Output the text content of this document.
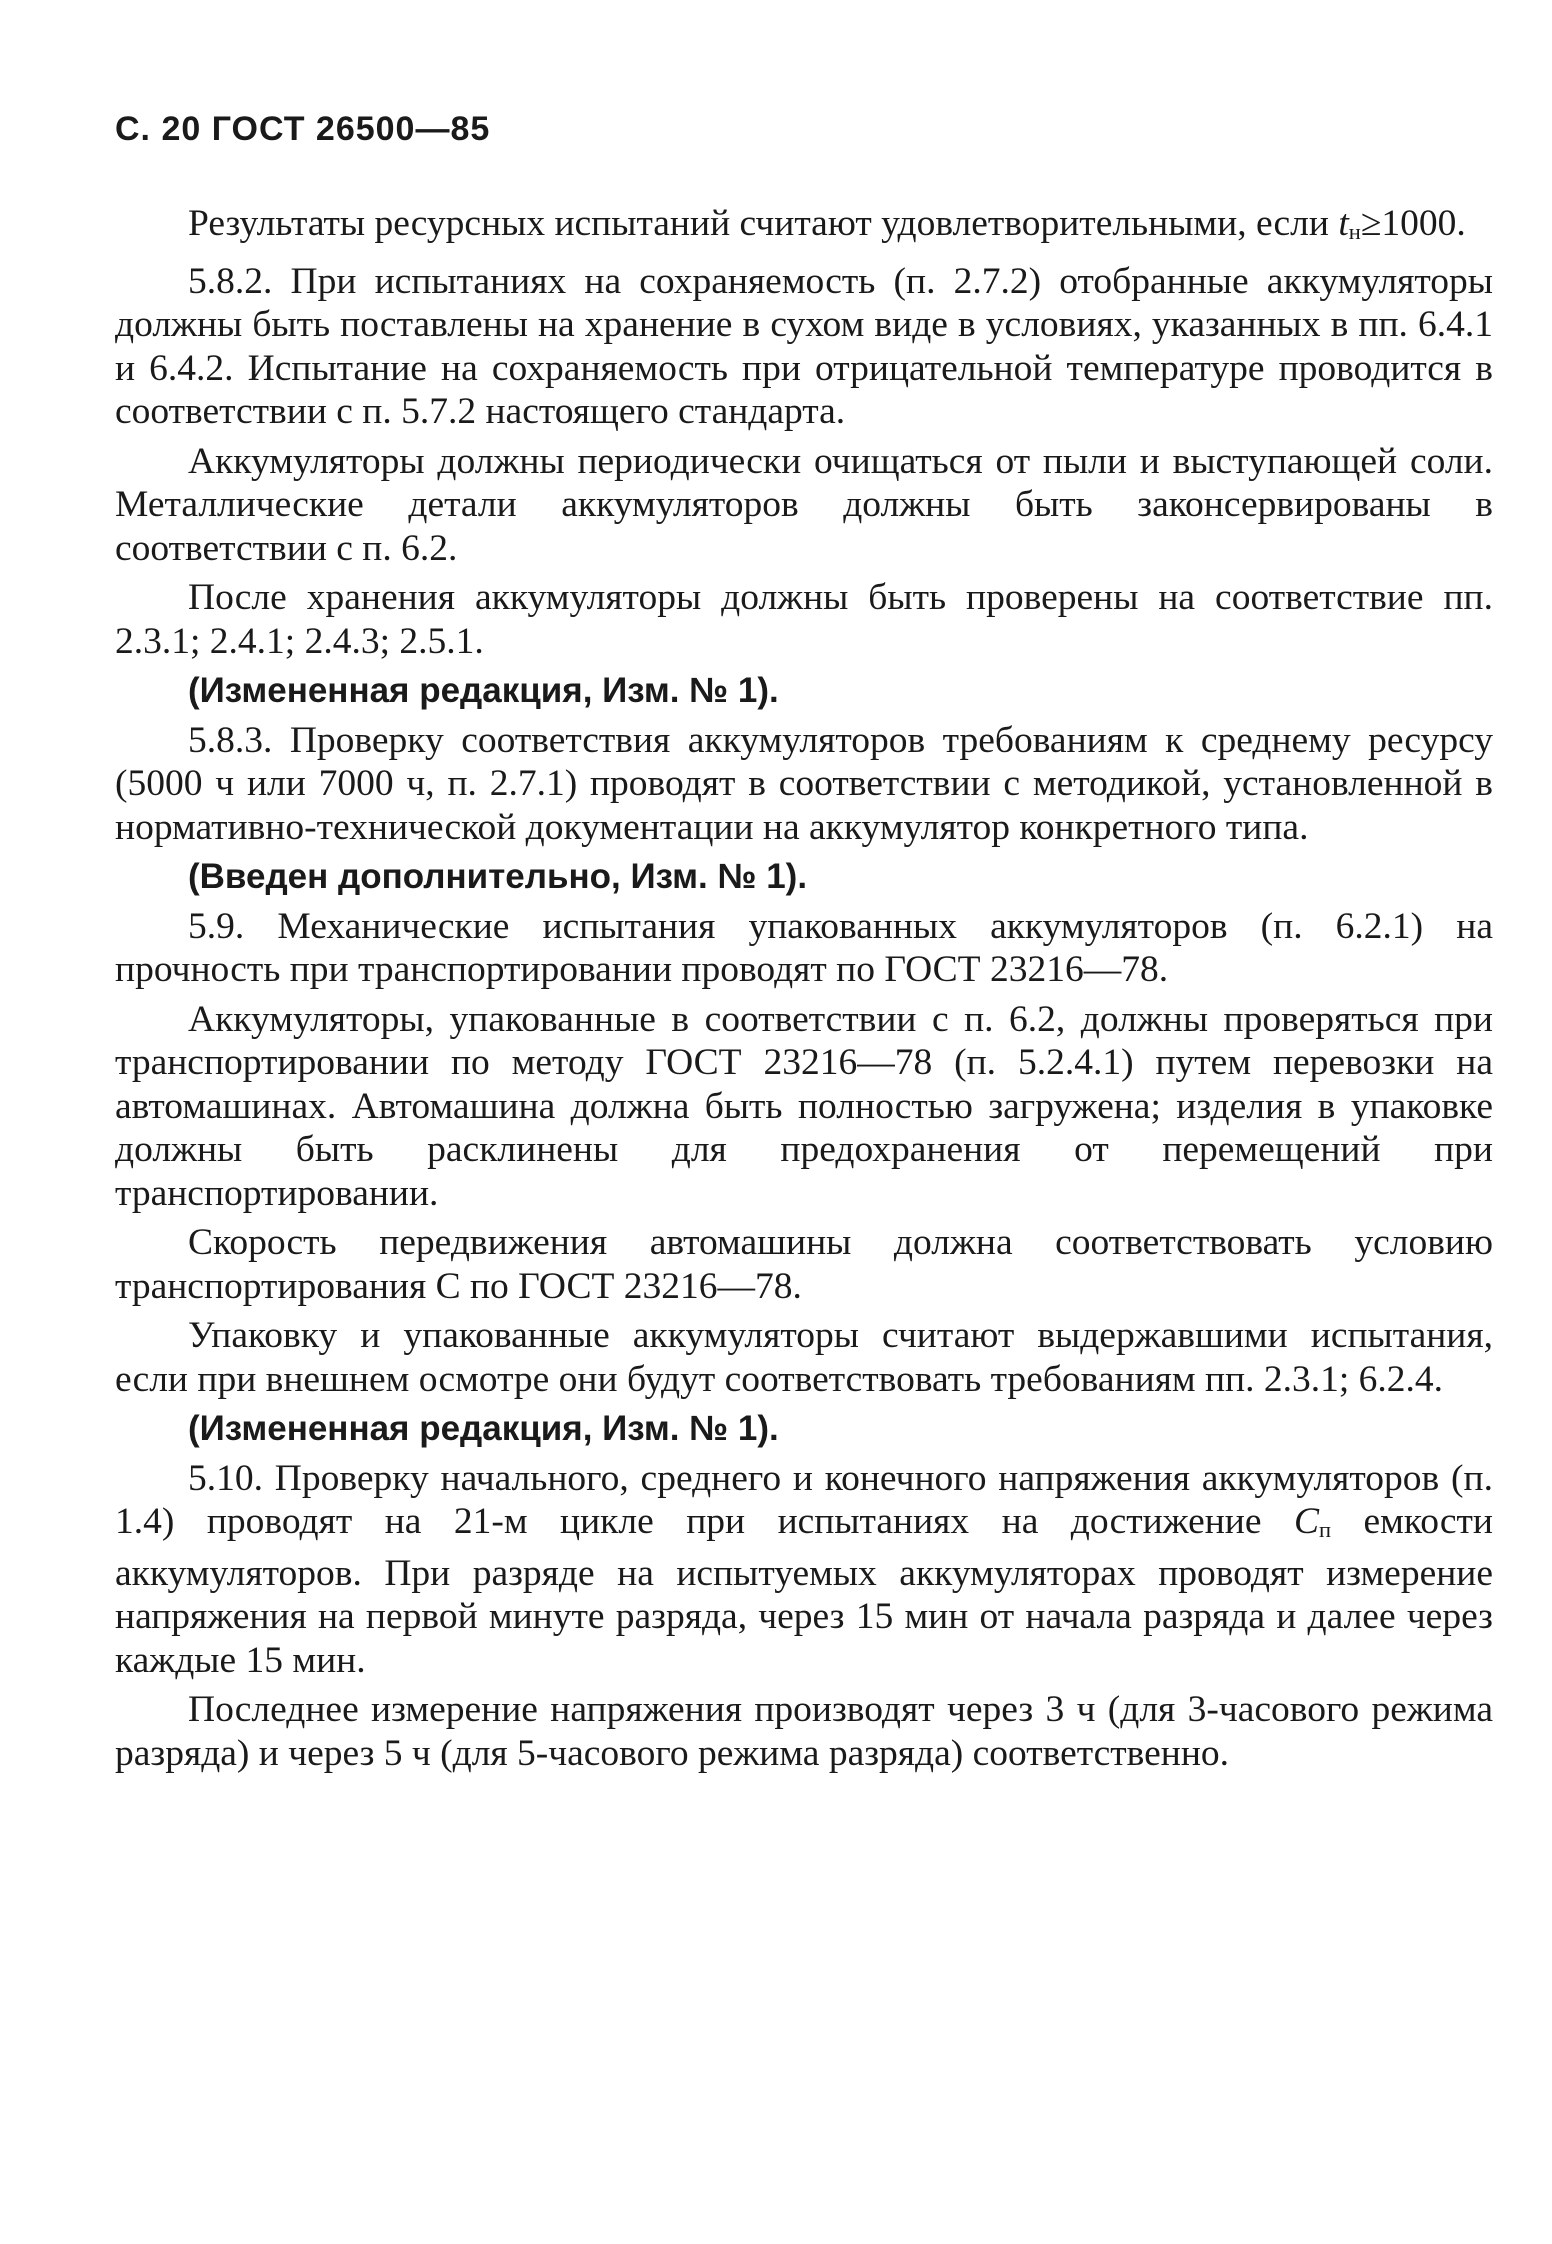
С. 20 ГОСТ 26500—85

Результаты ресурсных испытаний считают удовлетворительными, если $t_н\ge 1000$.

5.8.2. При испытаниях на сохраняемость (п. 2.7.2) отобранные аккумуляторы должны быть поставлены на хранение в сухом виде в условиях, указанных в пп. 6.4.1 и 6.4.2. Испытание на сохраняемость при отрицательной температуре проводится в соответствии с п. 5.7.2 настоящего стандарта.

Аккумуляторы должны периодически очищаться от пыли и выступающей соли. Металлические детали аккумуляторов должны быть законсервированы в соответствии с п. 6.2.

После хранения аккумуляторы должны быть проверены на соответствие пп. 2.3.1; 2.4.1; 2.4.3; 2.5.1.

(Измененная редакция, Изм. № 1).

5.8.3. Проверку соответствия аккумуляторов требованиям к среднему ресурсу (5000 ч или 7000 ч, п. 2.7.1) проводят в соответствии с методикой, установленной в нормативно-технической документации на аккумулятор конкретного типа.

(Введен дополнительно, Изм. № 1).

5.9. Механические испытания упакованных аккумуляторов (п. 6.2.1) на прочность при транспортировании проводят по ГОСТ 23216—78.

Аккумуляторы, упакованные в соответствии с п. 6.2, должны проверяться при транспортировании по методу ГОСТ 23216—78 (п. 5.2.4.1) путем перевозки на автомашинах. Автомашина должна быть полностью загружена; изделия в упаковке должны быть расклинены для предохранения от перемещений при транспортировании.

Скорость передвижения автомашины должна соответствовать условию транспортирования С по ГОСТ 23216—78.

Упаковку и упакованные аккумуляторы считают выдержавшими испытания, если при внешнем осмотре они будут соответствовать требованиям пп. 2.3.1; 6.2.4.

(Измененная редакция, Изм. № 1).

5.10. Проверку начального, среднего и конечного напряжения аккумуляторов (п. 1.4) проводят на 21-м цикле при испытаниях на достижение $C_п$ емкости аккумуляторов. При разряде на испытуемых аккумуляторах проводят измерение напряжения на первой минуте разряда, через 15 мин от начала разряда и далее через каждые 15 мин.

Последнее измерение напряжения производят через 3 ч (для 3-часового режима разряда) и через 5 ч (для 5-часового режима разряда) соответственно.
